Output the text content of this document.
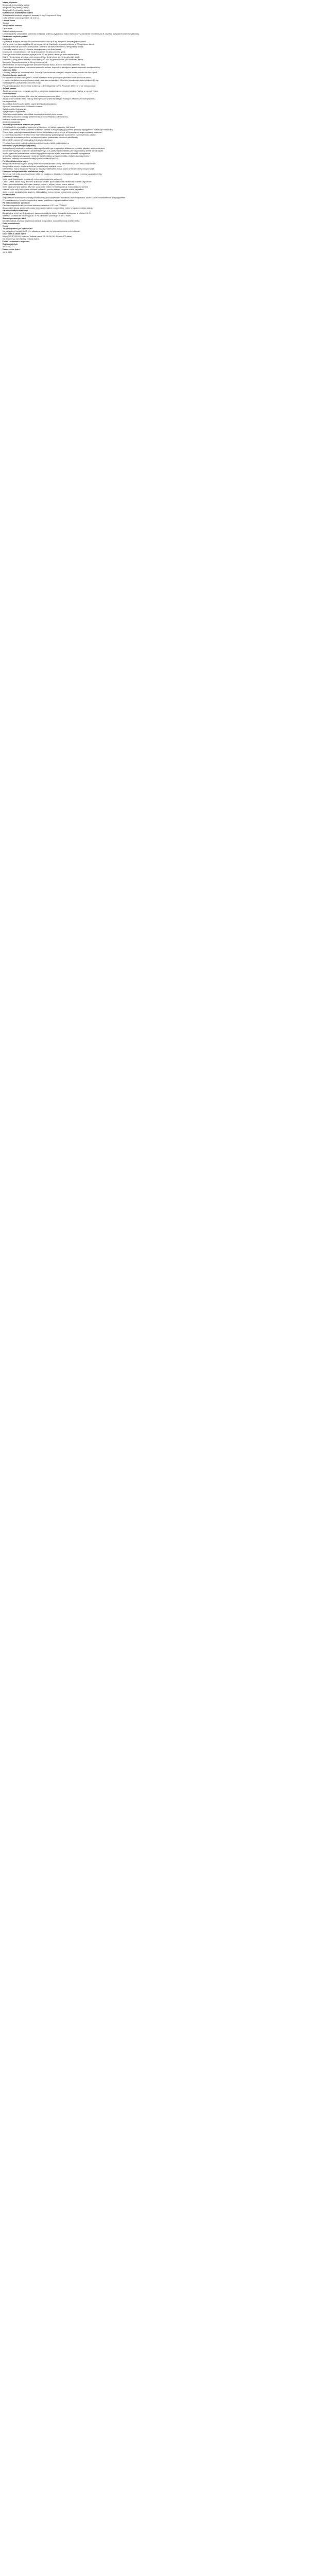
Název přípravku
Bisoprolol 10 mg tablety, tablety
Bisoprolol 5 mg tablety, tablety
Bisoprolol 2,5 mg tablety, tablety
Kvalitativní a kvantitativní složení
Jedna tableta obsahuje bisoprololi fumaras 10 mg, 5 mg nebo 2,5 mg.
Úplný seznam pomocných látek viz bod 6.1.
Léková forma
Tableta.
Terapeutické indikace
Hypertenze.
Stabilní angina pectoris.
Léčba stabilního chronického srdečního selhání se sníženou systolickou funkcí levé komory v kombinaci s inhibitory ACE, diuretiky a případně srdečními glykosidy.
Dávkování a způsob podání
Dávkování
Hypertenze a angina pectoris: Doporučená úvodní dávka je 5 mg bisoprololi fumaras jednou denně.
Je-li to nutné, lze dávku zvýšit na 10 mg jednou denně. Maximální doporučená dávka je 20 mg jednou denně.
Dávka by měla být stanovena individuálně s ohledem na srdeční frekvenci a terapeutický účinek.
Chronické srdeční selhání: Léčba se zahajuje postupnou titrací dávky.
Doporučuje se začít dávkou 1,25 mg jednou denně po dobu jednoho týdne.
Pokud je dávka dobře snášena, zvyšuje se na 2,5 mg jednou denně po dobu dalšího týdne.
Dále 3,75 mg jednou denně po dobu jednoho týdne, 5 mg jednou denně po dobu čtyř týdnů.
Následně 7,5 mg jednou denně po dobu čtyř týdnů a 10 mg jednou denně jako udržovací dávka.
Maximální doporučená dávka je 10 mg jednou denně.
Během titrace se doporučuje pečlivé sledování vitálních funkcí, srdeční frekvence a krevního tlaku.
Pokud dojde během titrace ke zhoršení srdečního selhání, doporučuje se nejprve upravit dávkování současné léčby.
Ukončení léčby
Léčba by neměla být ukončena náhle. Dávku je nutné snižovat postupně, obvykle během jednoho až dvou týdnů.
Zvláštní skupiny pacientů
Porucha funkce ledvin nebo jater: U mírné až středně těžké poruchy obvykle není nutné upravovat dávku.
U pacientů s těžkou poruchou funkce ledvin (clearance kreatininu < 20 ml/min) nemá denní dávka překročit 10 mg.
Starší pacienti: Úprava dávkování není nutná.
Pediatrická populace: Bezpečnost a účinnost u dětí nebyla stanovena. Podávání dětem se proto nedoporučuje.
Způsob podání
Tablety se užívají ráno, nezávisle na jídle, a zapíjejí se dostatečným množstvím tekutiny. Tablety se nemají žvýkat.
Kontraindikace
Hypersenzitivita na léčivou látku nebo na kteroukoli pomocnou látku.
Akutní srdeční selhání nebo epizody dekompenzace srdečního selhání vyžadující intravenózní inotropní léčbu.
Kardiogenní šok.
AV blokáda druhého nebo třetího stupně (bez kardiostimulátoru).
Syndrom nemocného sinu, sinoatriální blokáda.
Symptomatická bradykardie.
Symptomatická hypotenze.
Těžké bronchiální astma nebo těžká chronická obstrukční plicní nemoc.
Těžké formy okluzivní choroby periferních tepen nebo Raynaudova syndromu.
Neléčený feochromocytom.
Metabolická acidóza.
Zvláštní upozornění a opatření pro použití
Léčba stabilního chronického srdečního selhání musí být zahájena zvláštní fází titrace.
Zvláštní opatrnosti je třeba u pacientů s diabetes mellitus s velkými výkyvy glykemie; příznaky hypoglykemie mohou být maskovány.
Přísná dieta, probíhající desenzibilizační léčba, AV blokáda prvního stupně a Prinzmetalova angina vyžadují opatrnost.
U pacientů s psoriázou v anamnéze se mají betablokátory podávat pouze po pečlivém zvážení přínosu a rizika.
U pacientů s feochromocytomem se bisoprolol nesmí podávat bez předchozí alfa-blokády.
Během léčby mohou být maskovány příznaky tyreotoxikózy.
Při celkové anestezii musí být anesteziolog informován o léčbě betablokátorem.
Interakce s jinými léčivými přípravky
Nedoporučené kombinace: blokátory kalciových kanálů typu verapamilu a diltiazemu, centrálně působící antihypertenziva.
Kombinace vyžadující opatrnost: antiarytmika třídy I a III, parasympatomimetika, jiné betablokátory včetně očních kapek.
Inzulin a perorální antidiabetika: zesílení hypoglykemizujícího účinku, maskování příznaků hypoglykemie.
Anestetika, digitalisové glykosidy, nesteroidní antiflogistika, sympatomimetika, tricyklická antidepresiva.
Meflochin, inhibitory monoaminooxidázy (kromě inhibitorů MAO-B).
Fertilita, těhotenství a kojení
Bisoprolol má farmakologické účinky, které mohou mít škodlivé účinky na těhotenství a plod nebo novorozence.
Bisoprolol se nemá v těhotenství užívat, pokud to není nezbytně nutné.
Není známo, zda se bisoprolol vylučuje do lidského mateřského mléka. Kojení se během léčby nedoporučuje.
Účinky na schopnost řídit a obsluhovat stroje
Schopnost řídit nebo obsluhovat stroje může být zhoršena v důsledku individuálních reakcí, zejména na začátku léčby.
Nežádoucí účinky
Velmi časté: bradykardie (u pacientů s chronickým srdečním selháním).
Časté: závrať, bolest hlavy, zhoršení srdečního selhání, pocit chladu nebo necitlivosti končetin, hypotenze.
Časté: gastrointestinální potíže jako nauzea, zvracení, průjem, zácpa; únava, astenie.
Méně časté: poruchy spánku, deprese, poruchy AV vedení, bronchospasmus, svalová slabost a křeče.
Vzácné: noční můry, halucinace, snížená tvorba slz, poruchy sluchu, alergická rinitida, hepatitida.
Velmi vzácné: konjunktivitida, alopecie; betablokátory mohou vyvolat nebo zhoršit psoriázu.
Předávkování
Nejčastějšími očekávanými příznaky předávkování jsou bradykardie, hypotenze, bronchospasmus, akutní srdeční nedostatečnost a hypoglykemie.
Při předávkování je třeba léčbu přerušit a zahájit podpůrnou a symptomatickou léčbu.
Farmakodynamické vlastnosti
Farmakoterapeutická skupina: beta-blokátory, selektivní. ATC kód: C07AB07.
Bisoprolol je vysoce selektivní blokátor beta1-adrenergních receptorů bez vnitřní sympatomimetické aktivity.
Farmakokinetické vlastnosti
Bisoprolol se téměř úplně absorbuje z gastrointestinálního traktu. Biologická dostupnost je přibližně 90 %.
Vazba na plazmatické bílkoviny je asi 30 %. Eliminační poločas je 10 až 12 hodin.
Seznam pomocných látek
Mikrokrystalická celulosa, magnesium-stearát, krospovidon, koloidní bezvodý oxid křemičitý.
Doba použitelnosti
3 roky.
Zvláštní opatření pro uchovávání
Uchovávejte při teplotě do 25 °C v původním obalu, aby byl přípravek chráněn před vlhkostí.
Druh obalu a obsah balení
Blistr (PVC/PVDC/Al), krabička. Velikost balení: 28, 30, 50, 60, 90 nebo 100 tablet.
Na trhu nemusí být všechny velikosti balení.
Držitel rozhodnutí o registraci
Registrační číslo
58/123/10-C
Datum revize textu
10. 5. 2023
